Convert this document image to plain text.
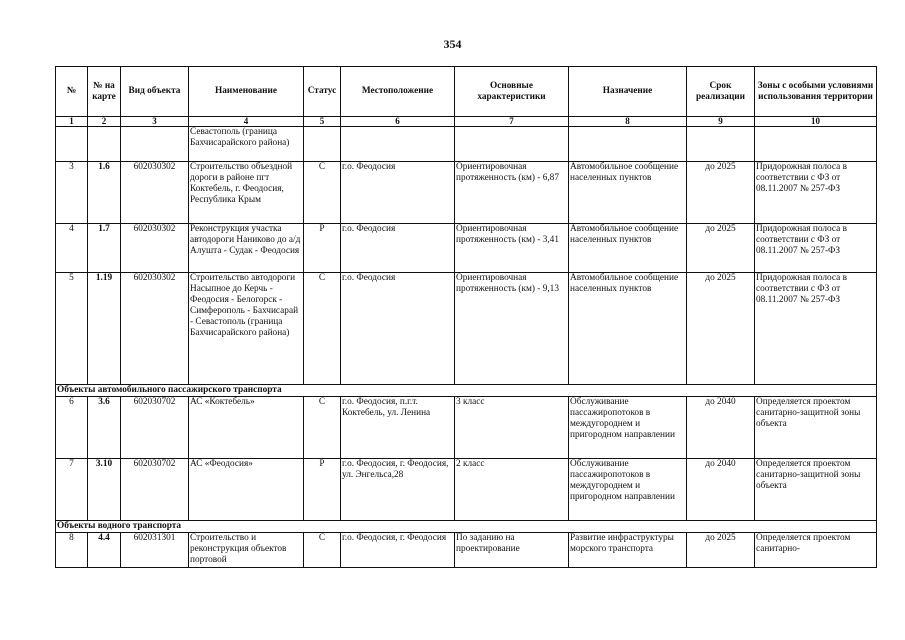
354
№	№ на карте	Вид объекта	Наименование	Статус	Местоположение	Основные характеристики	Назначение	Срок реализации	Зоны с особыми условиями использования территории
1	2	3	4	5	6	7	8	9	10
			Севастополь (граница Бахчисарайского района)						
3	1.6	602030302	Строительство объездной дороги в районе пгт Коктебель, г. Феодосия, Республика Крым	С	г.о. Феодосия	Ориентировочная протяженность (км) - 6,87	Автомобильное сообщение населенных пунктов	до 2025	Придорожная полоса в соответствии с ФЗ от 08.11.2007 № 257-ФЗ
4	1.7	602030302	Реконструкция участка автодороги Наниково до а/д Алушта - Судак - Феодосия	Р	г.о. Феодосия	Ориентировочная протяженность (км) - 3,41	Автомобильное сообщение населенных пунктов	до 2025	Придорожная полоса в соответствии с ФЗ от 08.11.2007 № 257-ФЗ
5	1.19	602030302	Строительство автодороги Насыпное до Керчь - Феодосия - Белогорск - Симферополь - Бахчисарай - Севастополь (граница Бахчисарайского района)	С	г.о. Феодосия	Ориентировочная протяженность (км) - 9,13	Автомобильное сообщение населенных пунктов	до 2025	Придорожная полоса в соответствии с ФЗ от 08.11.2007 № 257-ФЗ
Объекты автомобильного пассажирского транспорта									
6	3.6	602030702	АС «Коктебель»	С	г.о. Феодосия, п.г.т. Коктебель, ул. Ленина	3 класс	Обслуживание пассажиропотоков в междугороднем и пригородном направлении	до 2040	Определяется проектом санитарно-защитной зоны объекта
7	3.10	602030702	АС «Феодосия»	Р	г.о. Феодосия, г. Феодосия, ул. Энгельса,28	2 класс	Обслуживание пассажиропотоков в междугороднем и пригородном направлении	до 2040	Определяется проектом санитарно-защитной зоны объекта
Объекты водного транспорта									
8	4.4	602031301	Строительство и реконструкция объектов портовой	С	г.о. Феодосия, г. Феодосия	По заданию на проектирование	Развитие инфраструктуры морского транспорта	до 2025	Определяется проектом санитарно-
